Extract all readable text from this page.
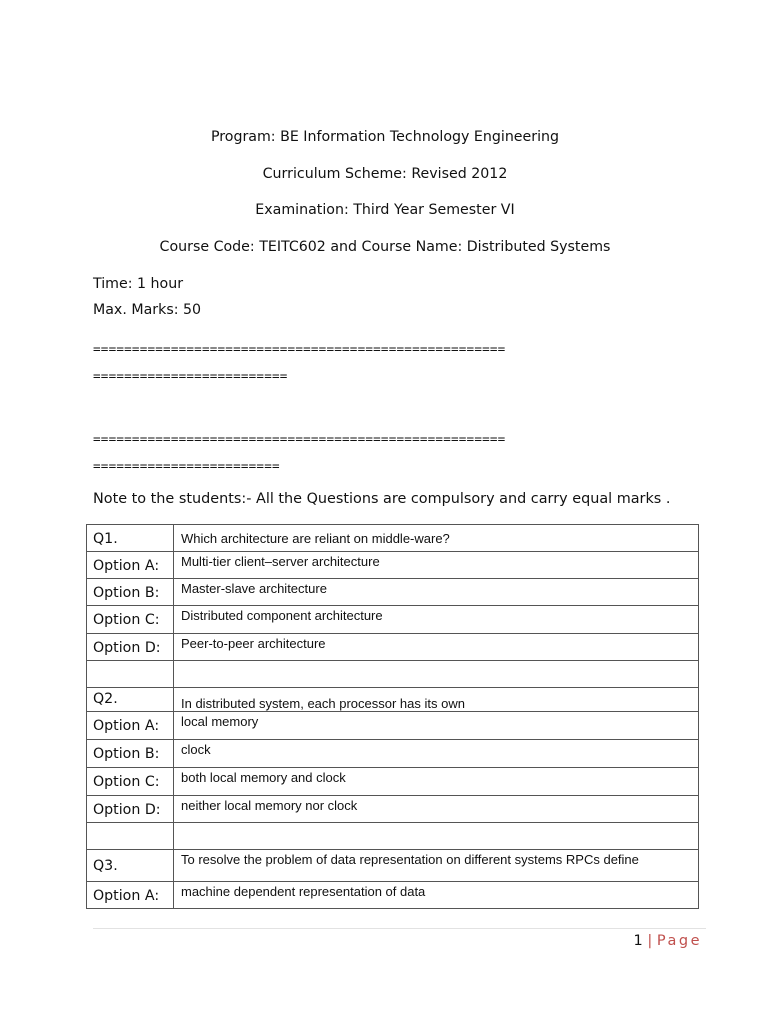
Program: BE Information Technology Engineering
Curriculum Scheme: Revised 2012
Examination: Third Year Semester VI
Course Code: TEITC602 and Course Name: Distributed Systems
Time: 1 hour
Max. Marks: 50
=====================================================
=========================
=====================================================
========================
Note to the students:- All the Questions are compulsory and carry equal marks .
Q1.	Which architecture are reliant on middle-ware?

Option A:	Multi-tier client–server architecture

Option B:	Master-slave architecture

Option C:	Distributed component architecture

Option D:	Peer-to-peer architecture

Q2.	In distributed system, each processor has its own

Option A:	local memory

Option B:	clock

Option C:	both local memory and clock

Option D:	neither local memory nor clock

Q3.	To resolve the problem of data representation on different systems RPCs define

Option A:	machine dependent representation of data
1 | Page
